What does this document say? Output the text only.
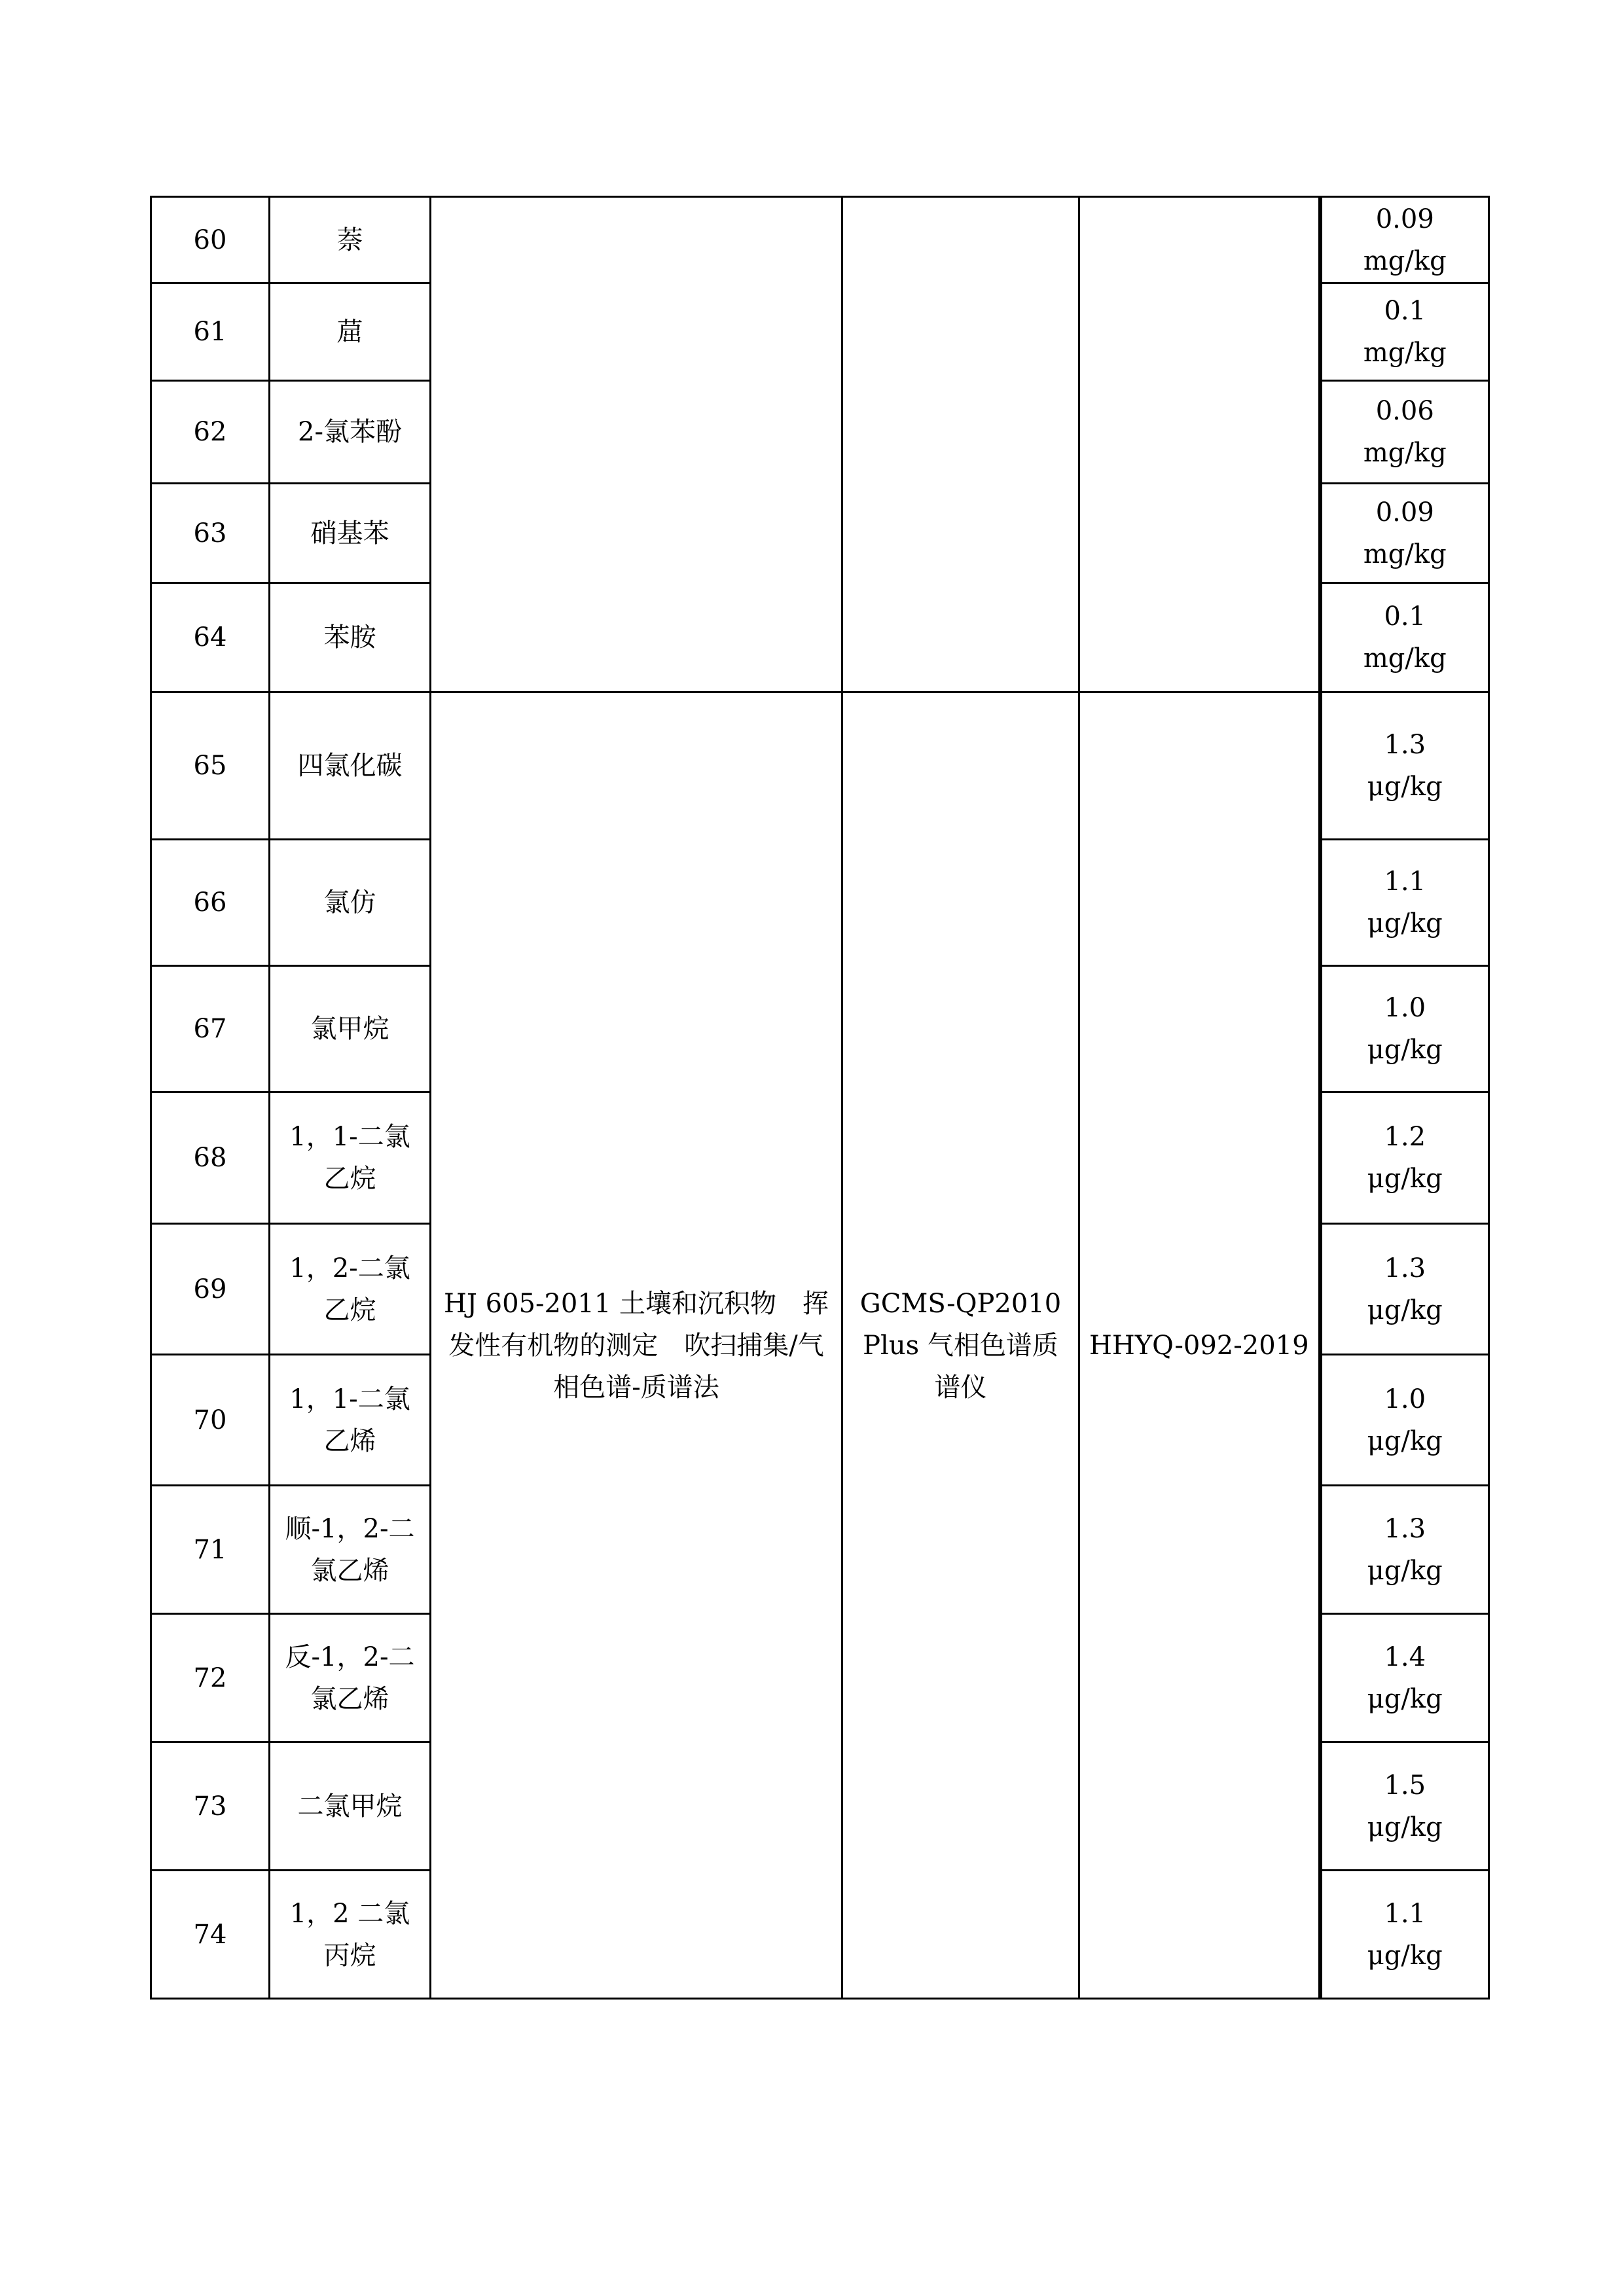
60	萘				0.09
mg/kg

61	䓛				0.1
mg/kg

62	2-氯苯酚				0.06
mg/kg

63	硝基苯				0.09
mg/kg

64	苯胺				0.1
mg/kg

65	四氯化碳	HJ 605-2011 土壤和沉积物　挥发性有机物的测定　吹扫捕集/气相色谱-质谱法	GCMS-QP2010 Plus 气相色谱质谱仪	HHYQ-092-2019	1.3
μg/kg

66	氯仿				1.1
μg/kg

67	氯甲烷				1.0
μg/kg

68	1，1-二氯乙烷				1.2
μg/kg

69	1，2-二氯乙烷				1.3
μg/kg

70	1，1-二氯乙烯				1.0
μg/kg

71	顺-1，2-二氯乙烯				1.3
μg/kg

72	反-1，2-二氯乙烯				1.4
μg/kg

73	二氯甲烷				1.5
μg/kg

74	1，2 二氯丙烷				1.1
μg/kg
